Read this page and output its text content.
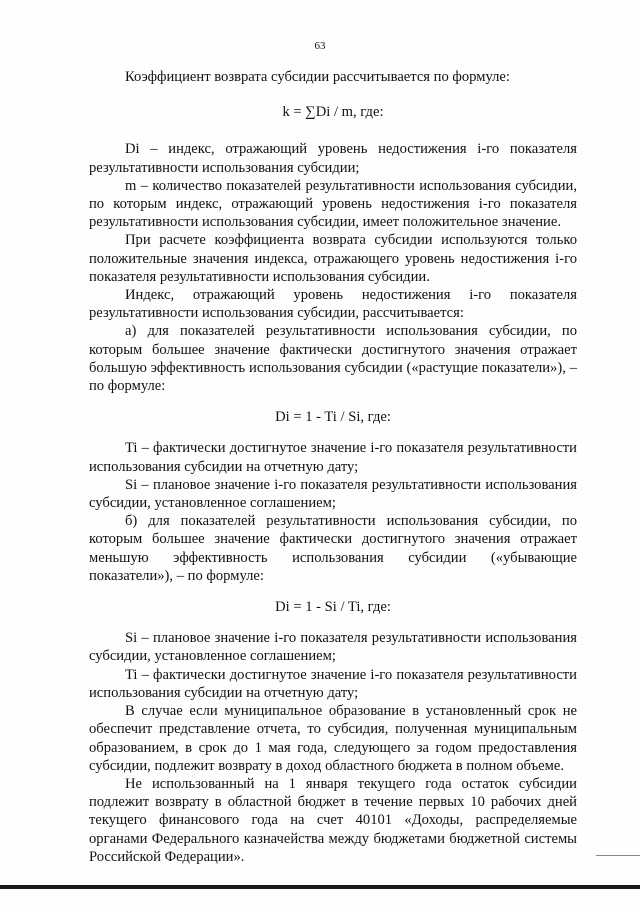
63

Коэффициент возврата субсидии рассчитывается по формуле:

k = ∑Di / m, где:

Di – индекс, отражающий уровень недостижения i-го показателя результативности использования субсидии;

m – количество показателей результативности использования субсидии, по которым индекс, отражающий уровень недостижения i-го показателя результативности использования субсидии, имеет положительное значение.

При расчете коэффициента возврата субсидии используются только положительные значения индекса, отражающего уровень недостижения i-го показателя результативности использования субсидии.

Индекс, отражающий уровень недостижения i-го показателя результативности использования субсидии, рассчитывается:

а) для показателей результативности использования субсидии, по которым большее значение фактически достигнутого значения отражает большую эффективность использования субсидии («растущие показатели»), – по формуле:

Di = 1 - Ti / Si, где:

Ti – фактически достигнутое значение i-го показателя результативности использования субсидии на отчетную дату;

Si – плановое значение i-го показателя результативности использования субсидии, установленное соглашением;

б) для показателей результативности использования субсидии, по которым большее значение фактически достигнутого значения отражает меньшую эффективность использования субсидии («убывающие показатели»), – по формуле:

Di = 1 - Si / Ti, где:

Si – плановое значение i-го показателя результативности использования субсидии, установленное соглашением;

Ti – фактически достигнутое значение i-го показателя результативности использования субсидии на отчетную дату;

В случае если муниципальное образование в установленный срок не обеспечит представление отчета, то субсидия, полученная муниципальным образованием, в срок до 1 мая года, следующего за годом предоставления субсидии, подлежит возврату в доход областного бюджета в полном объеме.

Не использованный на 1 января текущего года остаток субсидии подлежит возврату в областной бюджет в течение первых 10 рабочих дней текущего финансового года на счет 40101 «Доходы, распределяемые органами Федерального казначейства между бюджетами бюджетной системы Российской Федерации».
